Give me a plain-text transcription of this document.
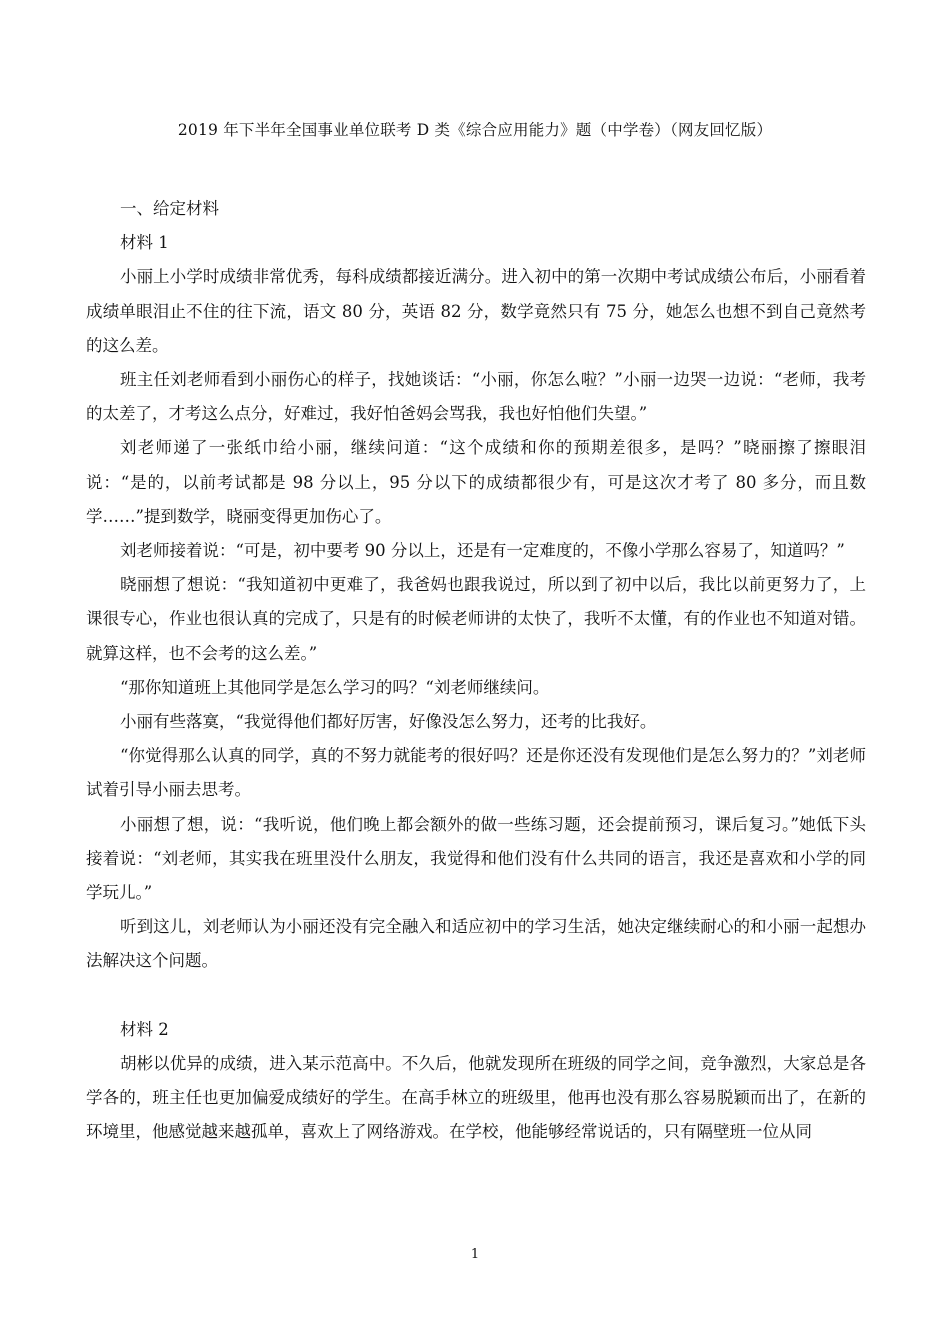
2019 年下半年全国事业单位联考 D 类《综合应用能力》题（中学卷）（网友回忆版）

一、给定材料

材料 1

小丽上小学时成绩非常优秀，每科成绩都接近满分。进入初中的第一次期中考试成绩公布后，小丽看着成绩单眼泪止不住的往下流，语文 80 分，英语 82 分，数学竟然只有 75 分，她怎么也想不到自己竟然考的这么差。

班主任刘老师看到小丽伤心的样子，找她谈话：“小丽，你怎么啦？”小丽一边哭一边说：“老师，我考的太差了，才考这么点分，好难过，我好怕爸妈会骂我，我也好怕他们失望。”

刘老师递了一张纸巾给小丽，继续问道：“这个成绩和你的预期差很多，是吗？”晓丽擦了擦眼泪说：“是的，以前考试都是 98 分以上，95 分以下的成绩都很少有，可是这次才考了 80 多分，而且数学……”提到数学，晓丽变得更加伤心了。

刘老师接着说：“可是，初中要考 90 分以上，还是有一定难度的，不像小学那么容易了，知道吗？”

晓丽想了想说：“我知道初中更难了，我爸妈也跟我说过，所以到了初中以后，我比以前更努力了，上课很专心，作业也很认真的完成了，只是有的时候老师讲的太快了，我听不太懂，有的作业也不知道对错。就算这样，也不会考的这么差。”

“那你知道班上其他同学是怎么学习的吗？“刘老师继续问。

小丽有些落寞，“我觉得他们都好厉害，好像没怎么努力，还考的比我好。

“你觉得那么认真的同学，真的不努力就能考的很好吗？还是你还没有发现他们是怎么努力的？”刘老师试着引导小丽去思考。

小丽想了想，说：“我听说，他们晚上都会额外的做一些练习题，还会提前预习，课后复习。”她低下头接着说：“刘老师，其实我在班里没什么朋友，我觉得和他们没有什么共同的语言，我还是喜欢和小学的同学玩儿。”

听到这儿，刘老师认为小丽还没有完全融入和适应初中的学习生活，她决定继续耐心的和小丽一起想办法解决这个问题。

材料 2

胡彬以优异的成绩，进入某示范高中。不久后，他就发现所在班级的同学之间，竞争激烈，大家总是各学各的，班主任也更加偏爱成绩好的学生。在高手林立的班级里，他再也没有那么容易脱颖而出了，在新的环境里，他感觉越来越孤单，喜欢上了网络游戏。在学校，他能够经常说话的，只有隔壁班一位从同

1
